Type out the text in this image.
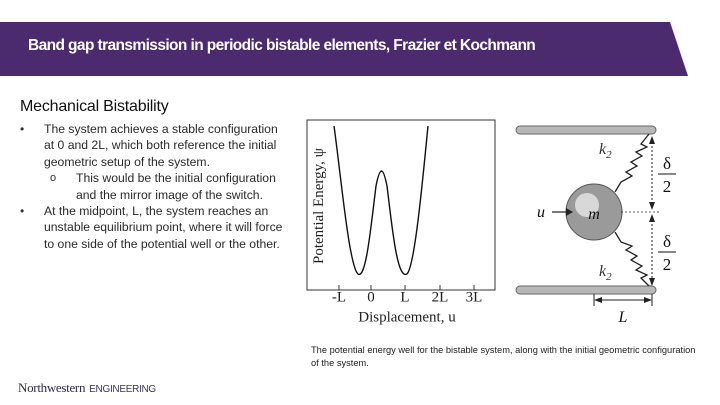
Band gap transmission in periodic bistable elements, Frazier et Kochmann
Mechanical Bistability
• The system achieves a stable configuration at 0 and 2L, which both reference the initial geometric setup of the system.
o This would be the initial configuration and the mirror image of the switch.
• At the midpoint, L, the system reaches an unstable equilibrium point, where it will force to one side of the potential well or the other.
-L 0 L 2L 3L
Displacement, u
Potential Energy, ψ	m
u
$k_2$
$k_2$
δ
2
δ
2
L
The potential energy well for the bistable system, along with the initial geometric configuration of the system.
Northwestern ENGINEERING
